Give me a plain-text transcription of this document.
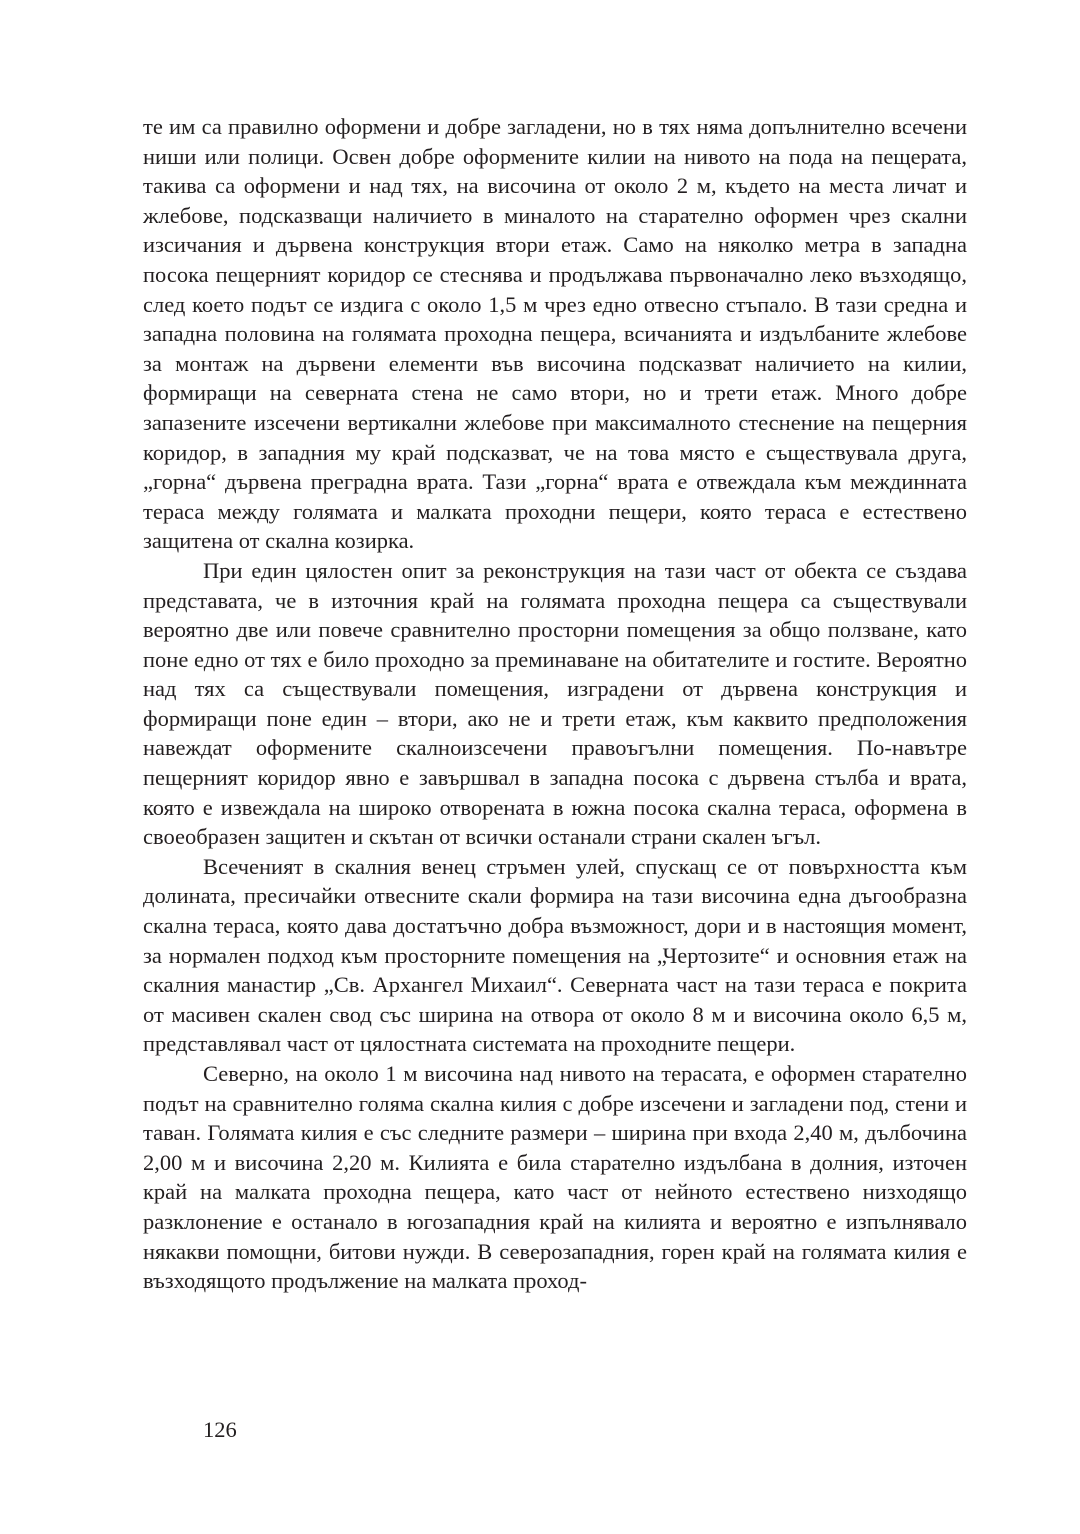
те им са правилно оформени и добре загладени, но в тях няма допълнително всечени ниши или полици. Освен добре оформените килии на нивото на пода на пещерата, такива са оформени и над тях, на височина от около 2 м, където на места личат и жлебове, подсказващи наличието в миналото на старателно оформен чрез скални изсичания и дървена конструкция втори етаж. Само на няколко метра в западна посока пещерният коридор се стеснява и продължава първоначално леко възходящо, след което подът се издига с около 1,5 м чрез едно отвесно стъпало. В тази средна и западна половина на голямата проходна пещера, всичанията и издълбаните жлебове за монтаж на дървени елементи във височина подсказват наличието на килии, формиращи на северната стена не само втори, но и трети етаж. Много добре запазените изсечени вертикални жлебове при максималното стеснение на пещерния коридор, в западния му край подсказват, че на това място е съществувала друга, „горна“ дървена преградна врата. Тази „горна“ врата е отвеждала към междинната тераса между голямата и малката проходни пещери, която тераса е естествено защитена от скална козирка.

При един цялостен опит за реконструкция на тази част от обекта се създава представата, че в източния край на голямата проходна пещера са съществували вероятно две или повече сравнително просторни помещения за общо ползване, като поне едно от тях е било проходно за преминаване на обитателите и гостите. Вероятно над тях са съществували помещения, изградени от дървена конструкция и формиращи поне един – втори, ако не и трети етаж, към каквито предположения навеждат оформените скалноизсечени правоъгълни помещения. По-навътре пещерният коридор явно е завършвал в западна посока с дървена стълба и врата, която е извеждала на широко отворената в южна посока скална тераса, оформена в своеобразен защитен и скътан от всички останали страни скален ъгъл.

Всеченият в скалния венец стръмен улей, спускащ се от повърхността към долината, пресичайки отвесните скали формира на тази височина една дъгообразна скална тераса, която дава достатъчно добра възможност, дори и в настоящия момент, за нормален подход към просторните помещения на „Чертозите“ и основния етаж на скалния манастир „Св. Архангел Михаил“. Северната част на тази тераса е покрита от масивен скален свод със ширина на отвора от около 8 м и височина около 6,5 м, представлявал част от цялостната системата на проходните пещери.

Северно, на около 1 м височина над нивото на терасата, е оформен старателно подът на сравнително голяма скална килия с добре изсечени и загладени под, стени и таван. Голямата килия е със следните размери – ширина при входа 2,40 м, дълбочина 2,00 м и височина 2,20 м. Килията е била старателно издълбана в долния, източен край на малката проходна пещера, като част от нейното естествено низходящо разклонение е останало в югозападния край на килията и вероятно е изпълнявало някакви помощни, битови нужди. В северозападния, горен край на голямата килия е възходящото продължение на малката проход-

126
